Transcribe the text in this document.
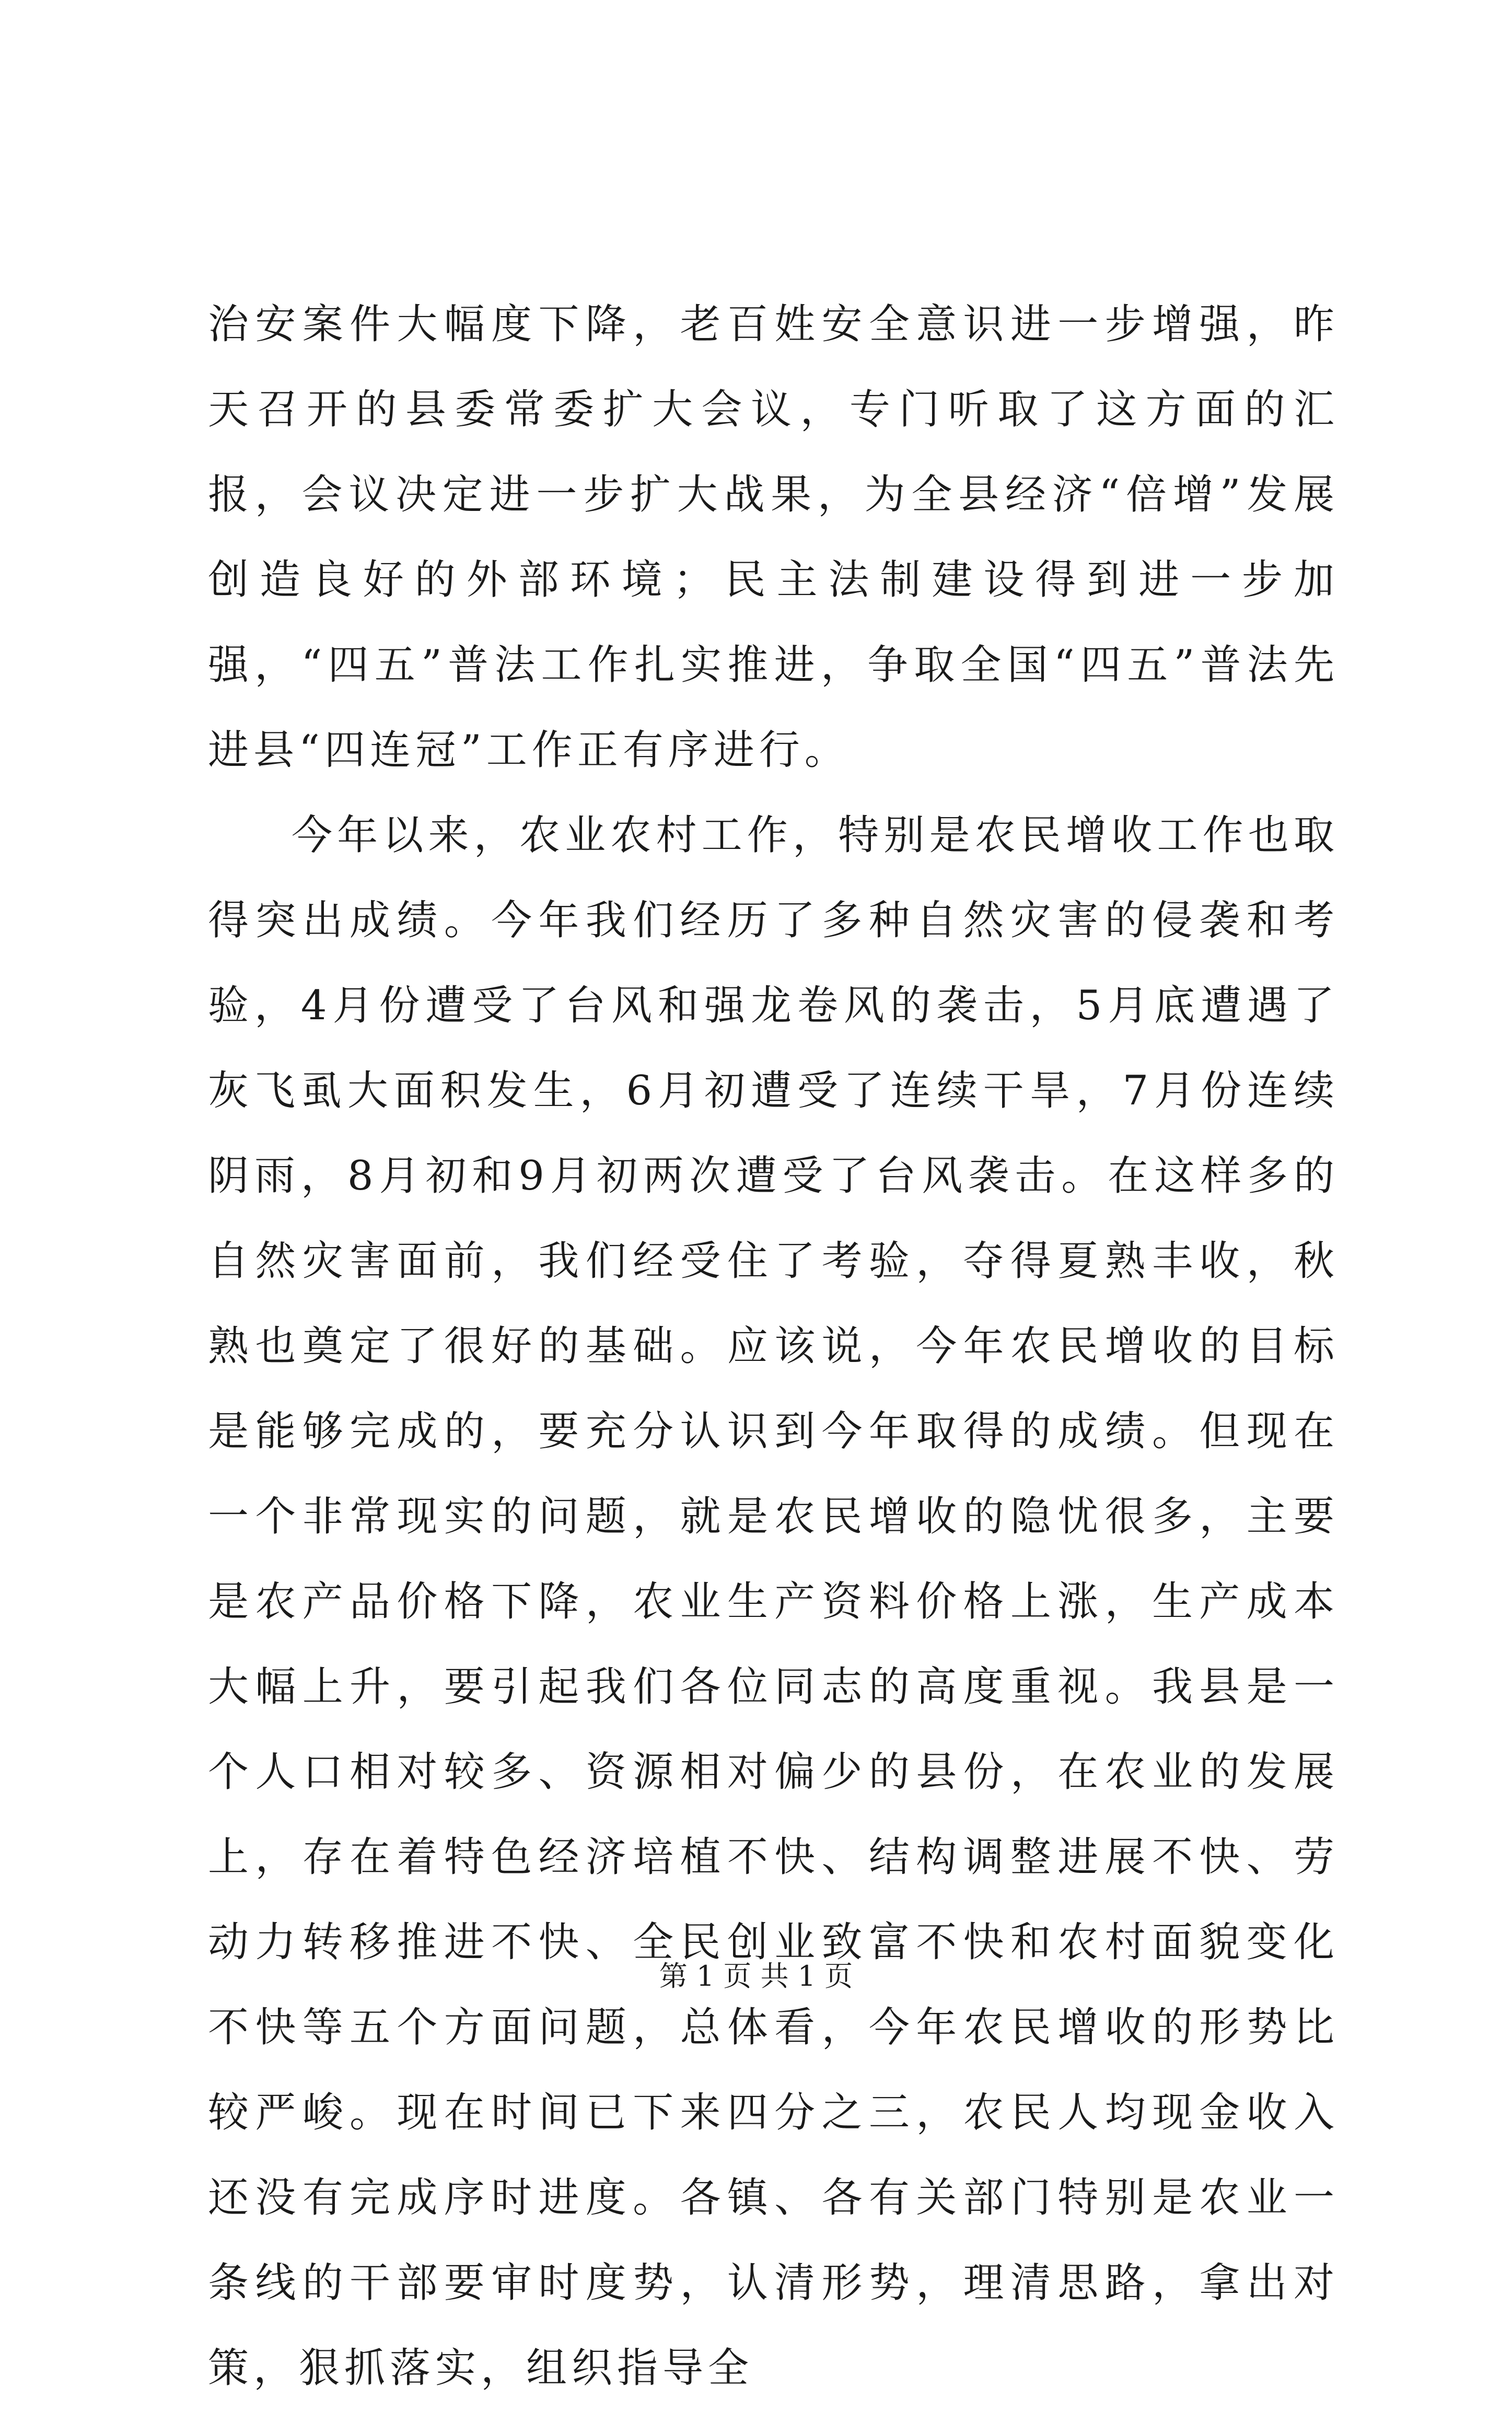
治安案件大幅度下降，老百姓安全意识进一步增强，昨天召开的县委常委扩大会议，专门听取了这方面的汇报，会议决定进一步扩大战果，为全县经济“倍增”发展创造良好的外部环境；民主法制建设得到进一步加强，“四五”普法工作扎实推进，争取全国“四五”普法先进县“四连冠”工作正有序进行。

今年以来，农业农村工作，特别是农民增收工作也取得突出成绩。今年我们经历了多种自然灾害的侵袭和考验，4月份遭受了台风和强龙卷风的袭击，5月底遭遇了灰飞虱大面积发生，6月初遭受了连续干旱，7月份连续阴雨，8月初和9月初两次遭受了台风袭击。在这样多的自然灾害面前，我们经受住了考验，夺得夏熟丰收，秋熟也奠定了很好的基础。应该说，今年农民增收的目标是能够完成的，要充分认识到今年取得的成绩。但现在一个非常现实的问题，就是农民增收的隐忧很多，主要是农产品价格下降，农业生产资料价格上涨，生产成本大幅上升，要引起我们各位同志的高度重视。我县是一个人口相对较多、资源相对偏少的县份，在农业的发展上，存在着特色经济培植不快、结构调整进展不快、劳动力转移推进不快、全民创业致富不快和农村面貌变化不快等五个方面问题，总体看，今年农民增收的形势比较严峻。现在时间已下来四分之三，农民人均现金收入还没有完成序时进度。各镇、各有关部门特别是农业一条线的干部要审时度势，认清形势，理清思路，拿出对策，狠抓落实，组织指导全

第 1 页 共 1 页
